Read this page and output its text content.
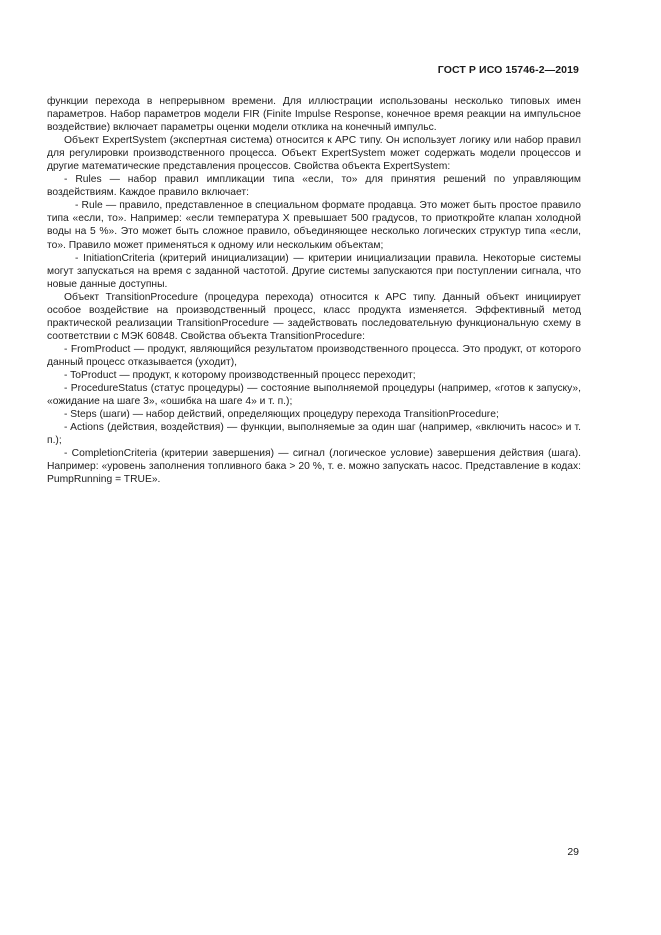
ГОСТ Р ИСО 15746-2—2019

функции перехода в непрерывном времени. Для иллюстрации использованы несколько типовых имен параметров. Набор параметров модели FIR (Finite Impulse Response, конечное время реакции на импульсное воздействие) включает параметры оценки модели отклика на конечный импульс.

Объект ExpertSystem (экспертная система) относится к APC типу. Он использует логику или набор правил для регулировки производственного процесса. Объект ExpertSystem может содержать модели процессов и другие математические представления процессов. Свойства объекта ExpertSystem:

- Rules — набор правил импликации типа «если, то» для принятия решений по управляющим воздействиям. Каждое правило включает:

- Rule — правило, представленное в специальном формате продавца. Это может быть простое правило типа «если, то». Например: «если температура X превышает 500 градусов, то приоткройте клапан холодной воды на 5 %». Это может быть сложное правило, объединяющее несколько логических структур типа «если, то». Правило может применяться к одному или нескольким объектам;

- InitiationCriteria (критерий инициализации) — критерии инициализации правила. Некоторые системы могут запускаться на время с заданной частотой. Другие системы запускаются при поступлении сигнала, что новые данные доступны.

Объект TransitionProcedure (процедура перехода) относится к APC типу. Данный объект инициирует особое воздействие на производственный процесс, класс продукта изменяется. Эффективный метод практической реализации TransitionProcedure — задействовать последовательную функциональную схему в соответствии с МЭК 60848. Свойства объекта TransitionProcedure:

- FromProduct — продукт, являющийся результатом производственного процесса. Это продукт, от которого данный процесс отказывается (уходит),

- ToProduct — продукт, к которому производственный процесс переходит;

- ProcedureStatus (статус процедуры) — состояние выполняемой процедуры (например, «готов к запуску», «ожидание на шаге 3», «ошибка на шаге 4» и т. п.);

- Steps (шаги) — набор действий, определяющих процедуру перехода TransitionProcedure;

- Actions (действия, воздействия) — функции, выполняемые за один шаг (например, «включить насос» и т. п.);

- CompletionCriteria (критерии завершения) — сигнал (логическое условие) завершения действия (шага). Например: «уровень заполнения топливного бака > 20 %, т. е. можно запускать насос. Представление в кодах: PumpRunning = TRUE».

29
